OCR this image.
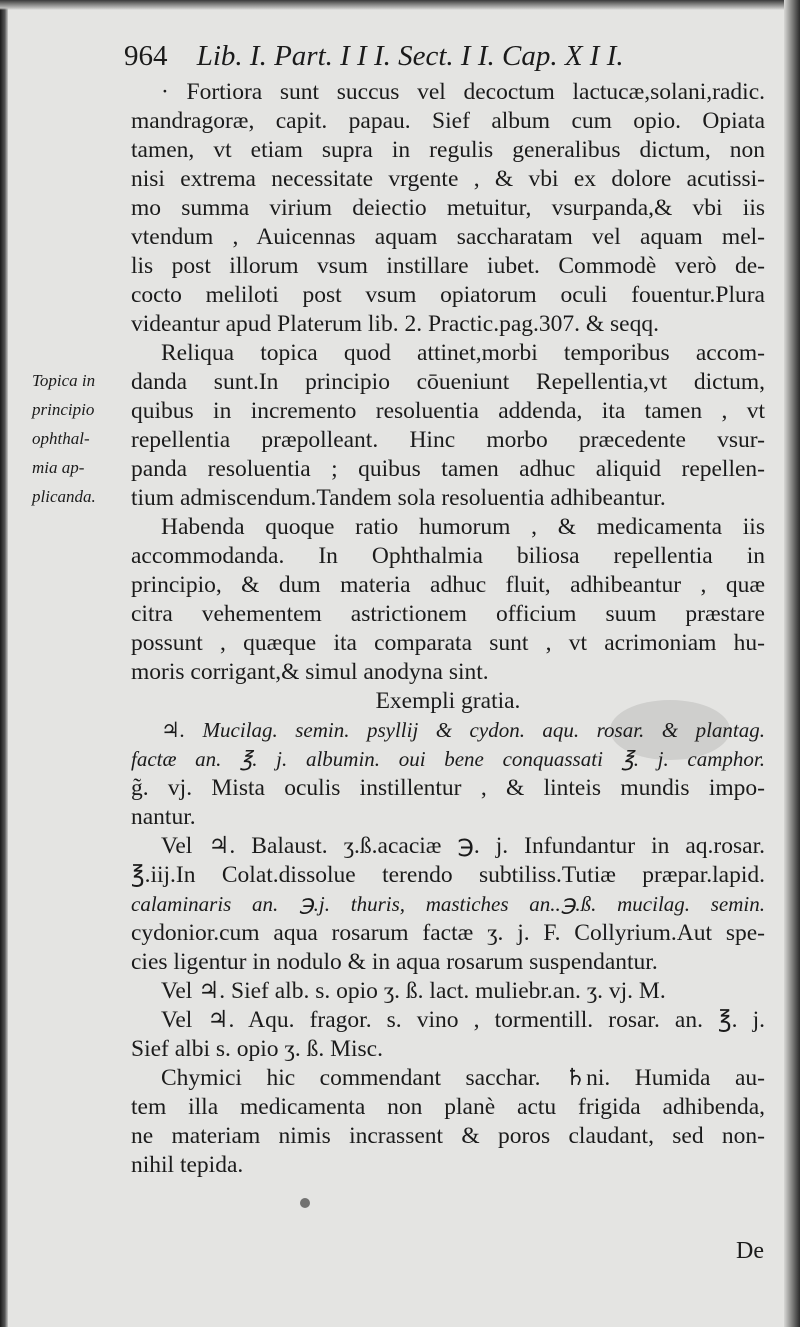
964 Lib. I. Part. I I I. Sect. I I. Cap. X I I.
Topica in
principio
ophthal-
mia ap-
plicanda.
· Fortiora sunt succus vel decoctum lactucæ,solani,radic.
mandragoræ, capit. papau. Sief album cum opio. Opiata
tamen, vt etiam supra in regulis generalibus dictum, non
nisi extrema necessitate vrgente , & vbi ex dolore acutissi-
mo summa virium deiectio metuitur, vsurpanda,& vbi iis
vtendum , Auicennas aquam saccharatam vel aquam mel-
lis post illorum vsum instillare iubet. Commodè verò de-
cocto meliloti post vsum opiatorum oculi fouentur.Plura
videantur apud Platerum lib. 2. Practic.pag.307. & seqq.
Reliqua topica quod attinet,morbi temporibus accom-
danda sunt.In principio cōueniunt Repellentia,vt dictum,
quibus in incremento resoluentia addenda, ita tamen , vt
repellentia præpolleant. Hinc morbo præcedente vsur-
panda resoluentia ; quibus tamen adhuc aliquid repellen-
tium admiscendum.Tandem sola resoluentia adhibeantur.
Habenda quoque ratio humorum , & medicamenta iis
accommodanda. In Ophthalmia biliosa repellentia in
principio, & dum materia adhuc fluit, adhibeantur , quæ
citra vehementem astrictionem officium suum præstare
possunt , quæque ita comparata sunt , vt acrimoniam hu-
moris corrigant,& simul anodyna sint.
Exempli gratia.
♃. Mucilag. semin. psyllij & cydon. aqu. rosar. & plantag.
factæ an. ℥. j. albumin. oui bene conquassati ℥. j. camphor.
g̃. vj. Mista oculis instillentur , & linteis mundis impo-
nantur.
Vel ♃. Balaust. ʒ.ß.acaciæ ℈. j. Infundantur in aq.rosar.
℥.iij.In Colat.dissolue terendo subtiliss.Tutiæ præpar.lapid.
calaminaris an. ℈.j. thuris, mastiches an..℈.ß. mucilag. semin.
cydonior.cum aqua rosarum factæ ʒ. j. F. Collyrium.Aut spe-
cies ligentur in nodulo & in aqua rosarum suspendantur.
Vel ♃. Sief alb. s. opio ʒ. ß. lact. muliebr.an. ʒ. vj. M.
Vel ♃. Aqu. fragor. s. vino , tormentill. rosar. an. ℥. j.
Sief albi s. opio ʒ. ß. Misc.
Chymici hic commendant sacchar. ♄ni. Humida au-
tem illa medicamenta non planè actu frigida adhibenda,
ne materiam nimis incrassent & poros claudant, sed non-
nihil tepida.
De
